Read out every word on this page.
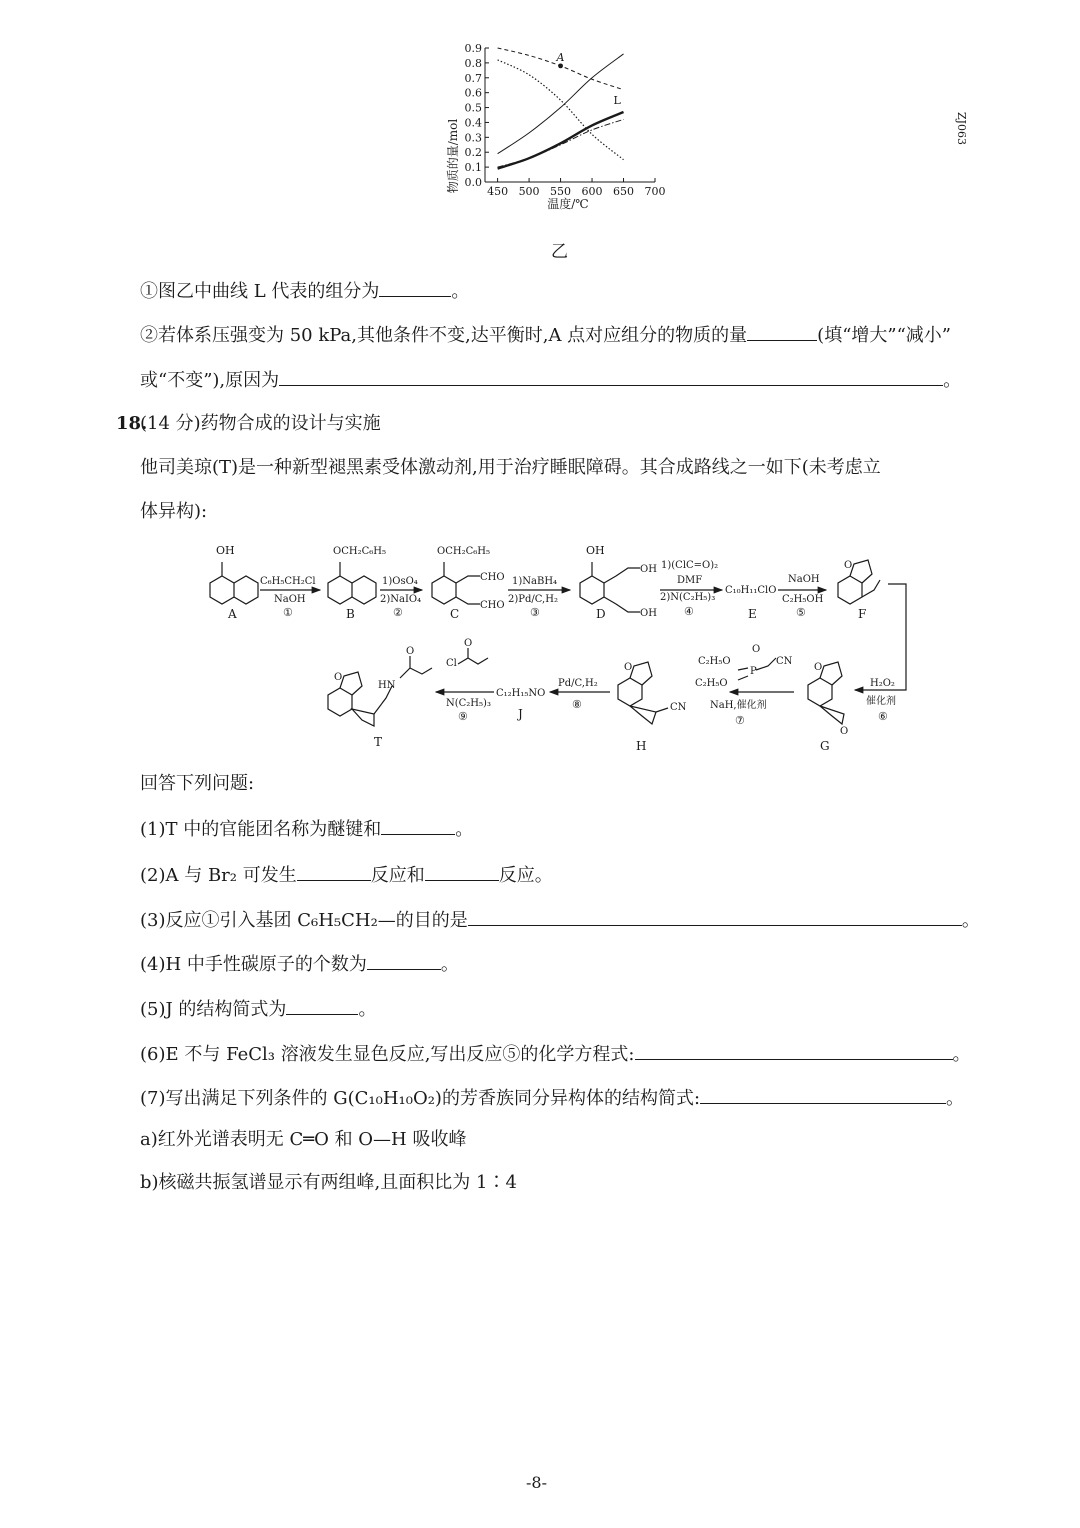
0.0
0.1
0.2
0.3
0.4
0.5
0.6
0.7
0.8
0.9
450 500 550 600 650 700
L
A
物质的量/mol
温度/℃
乙
ZJ063
①图乙中曲线 L 代表的组分为	。
②若体系压强变为 50 kPa,其他条件不变,达平衡时,A 点对应组分的物质的量	(填“增大”“减小”
或“不变”),原因为	。
18.
(14 分)药物合成的设计与实施
他司美琼(T)是一种新型褪黑素受体激动剂,用于治疗睡眠障碍。其合成路线之一如下(未考虑立
体异构):
OH
A
C₆H₅CH₂Cl
NaOH
①
OCH₂C₆H₅
B
1)OsO₄
2)NaIO₄
②
OCH₂C₆H₅
CHO
CHO
C
1)NaBH₄
2)Pd/C,H₂
③
OH
OH
OH
D
1)(ClC=O)₂
DMF
2)N(C₂H₅)₃
④
C₁₀H₁₁ClO
E
NaOH
C₂H₅OH
⑤
O
F
H₂O₂
催化剂
⑥
O
O
G
C₂H₅O
C₂H₅O
P
O
CN
NaH,催化剂
⑦
O
CN
H
Pd/C,H₂
⑧
C₁₂H₁₅NO
J
Cl
O
N(C₂H₅)₃
⑨
O
HN
O
T
回答下列问题:
(1)T 中的官能团名称为醚键和	。
(2)A 与 Br₂ 可发生	反应和	反应。
(3)反应①引入基团 C₆H₅CH₂—的目的是	。
(4)H 中手性碳原子的个数为	。
(5)J 的结构简式为	。
(6)E 不与 FeCl₃ 溶液发生显色反应,写出反应⑤的化学方程式:	。
(7)写出满足下列条件的 G(C₁₀H₁₀O₂)的芳香族同分异构体的结构简式:	。
a)红外光谱表明无 C═O 和 O—H 吸收峰
b)核磁共振氢谱显示有两组峰,且面积比为 1∶4
-8-
